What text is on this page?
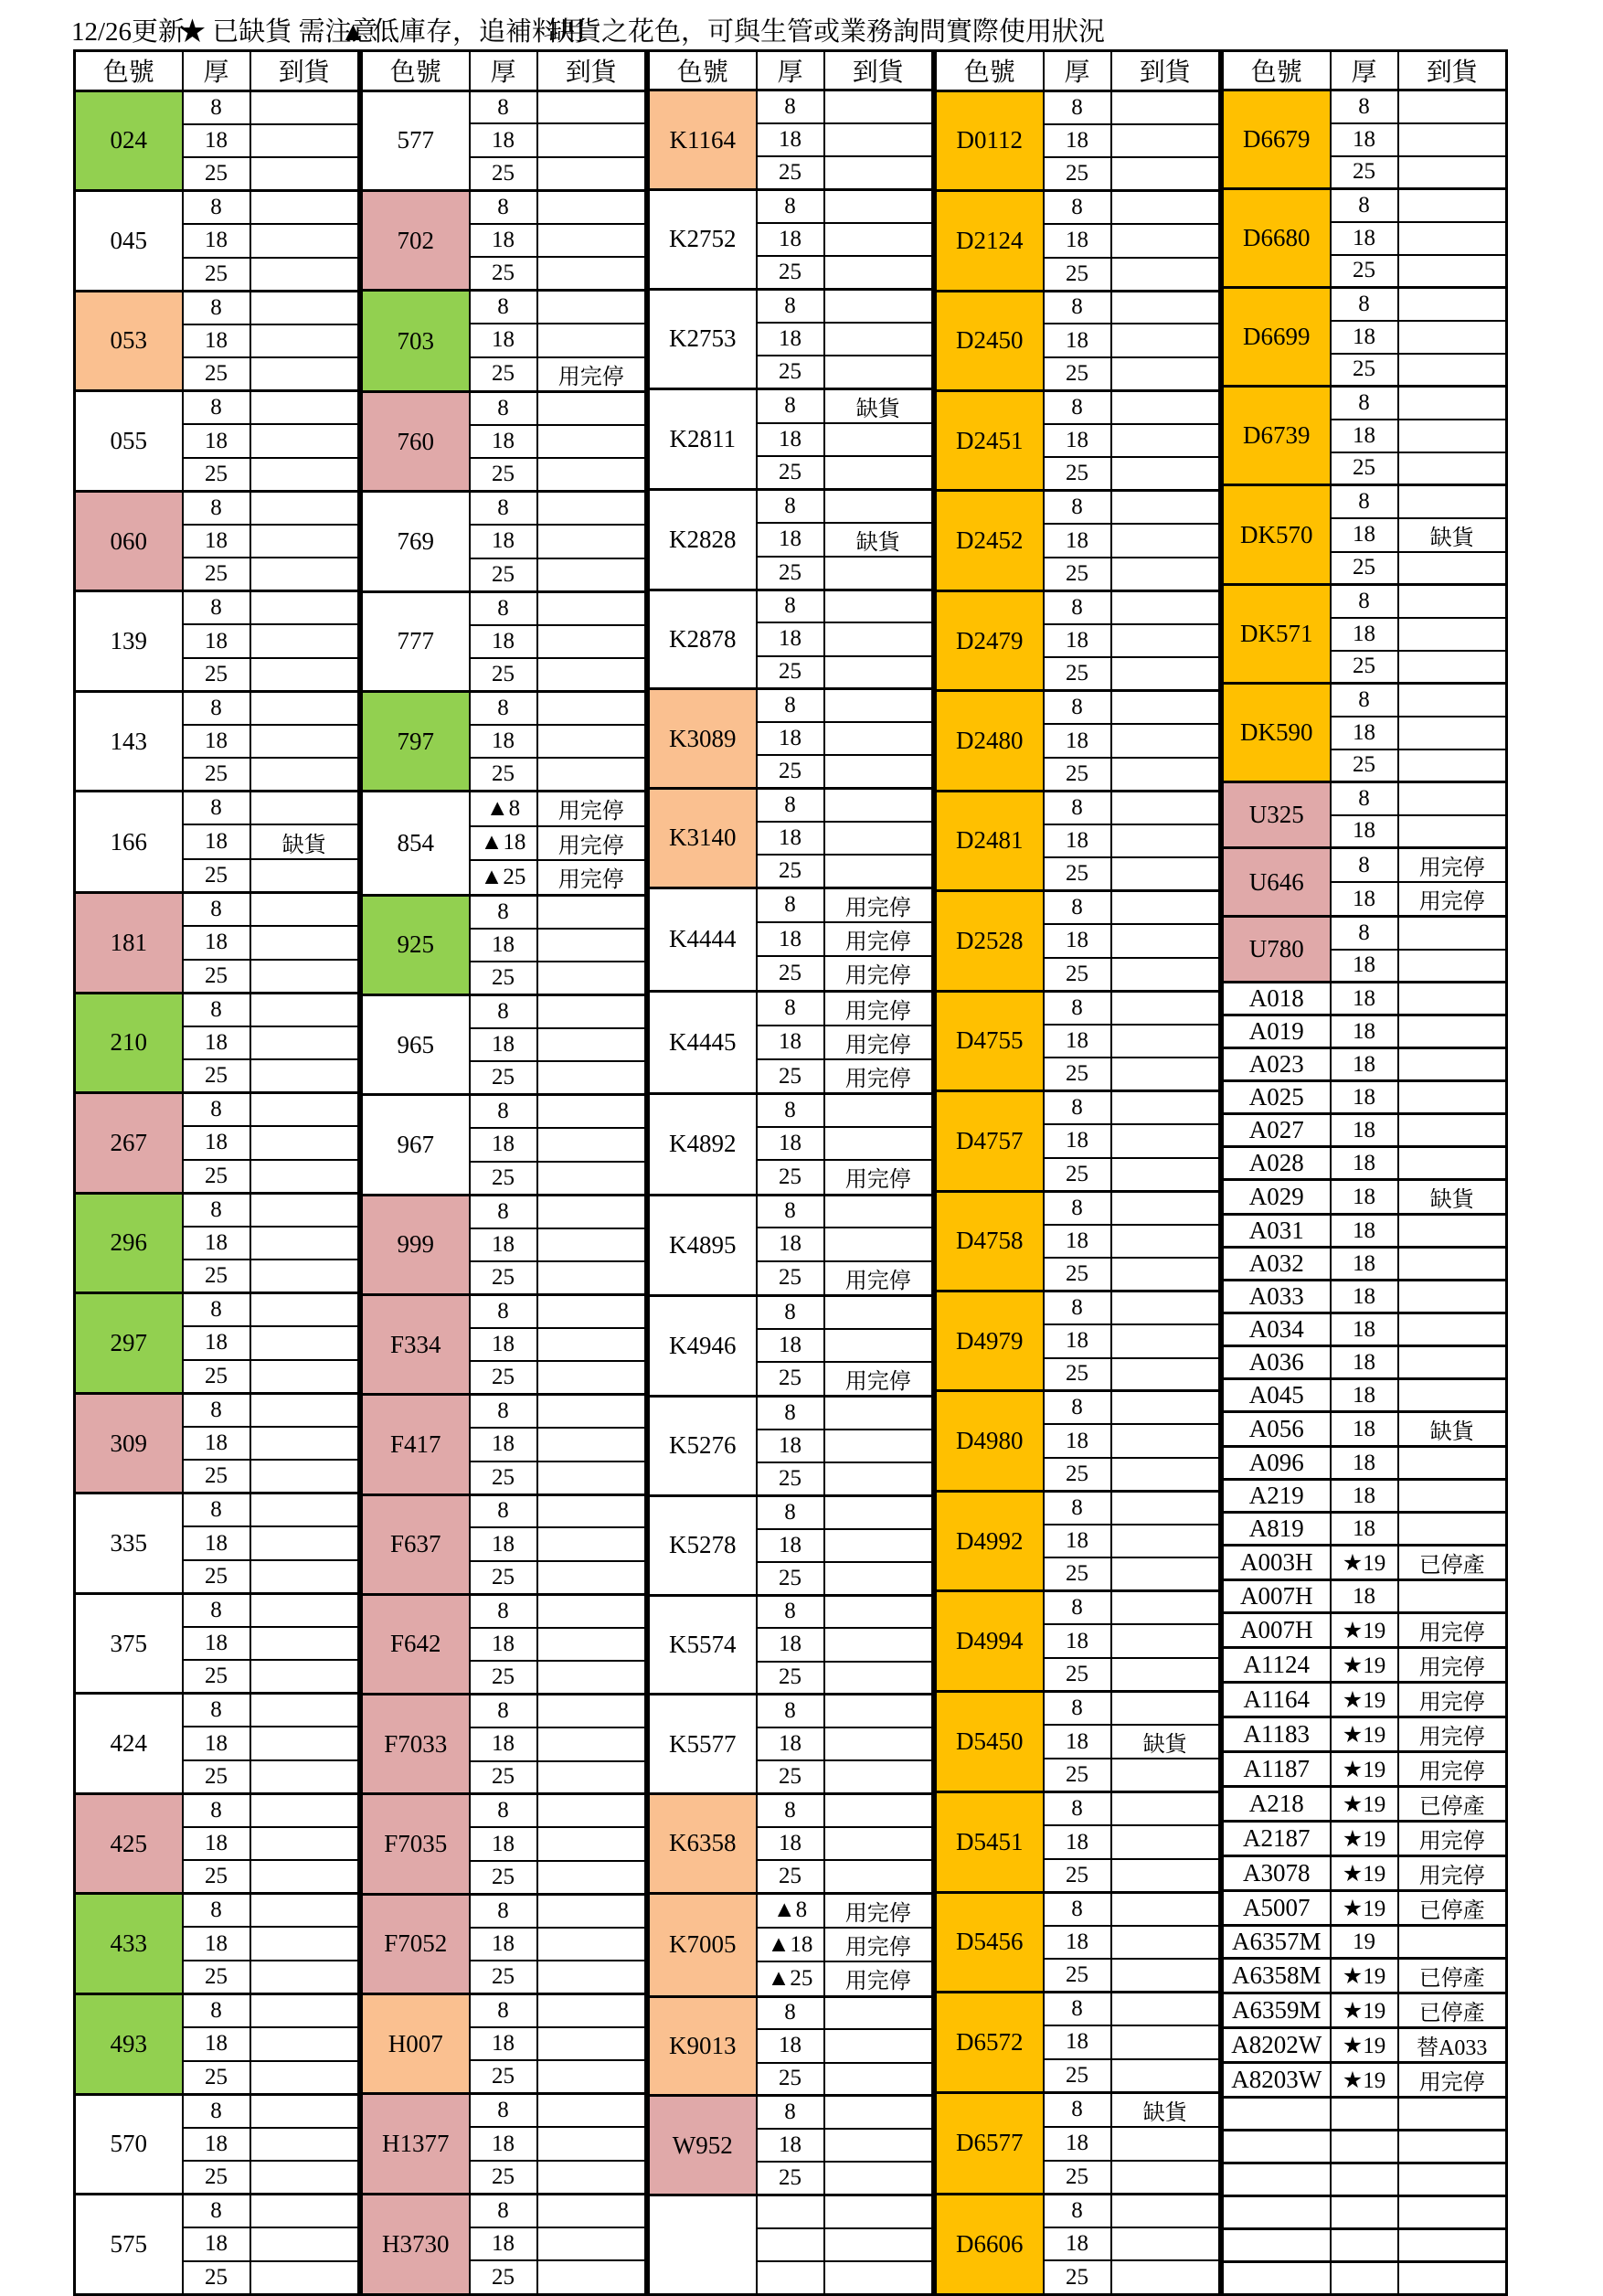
12/26更新
★ 已缺貨 需注意
▲ 低庫存，追補料用
缺貨之花色，可與生管或業務詢問實際使用狀況
色號	厚	到貨
024	8	
	18	
	25	
045	8	
	18	
	25	
053	8	
	18	
	25	
055	8	
	18	
	25	
060	8	
	18	
	25	
139	8	
	18	
	25	
143	8	
	18	
	25	
166	8	
	18	缺貨
	25	
181	8	
	18	
	25	
210	8	
	18	
	25	
267	8	
	18	
	25	
296	8	
	18	
	25	
297	8	
	18	
	25	
309	8	
	18	
	25	
335	8	
	18	
	25	
375	8	
	18	
	25	
424	8	
	18	
	25	
425	8	
	18	
	25	
433	8	
	18	
	25	
493	8	
	18	
	25	
570	8	
	18	
	25	
575	8	
	18	
	25	
色號	厚	到貨
577	8	
	18	
	25	
702	8	
	18	
	25	
703	8	
	18	
	25	用完停
760	8	
	18	
	25	
769	8	
	18	
	25	
777	8	
	18	
	25	
797	8	
	18	
	25	
854	▲8	用完停
	▲18	用完停
	▲25	用完停
925	8	
	18	
	25	
965	8	
	18	
	25	
967	8	
	18	
	25	
999	8	
	18	
	25	
F334	8	
	18	
	25	
F417	8	
	18	
	25	
F637	8	
	18	
	25	
F642	8	
	18	
	25	
F7033	8	
	18	
	25	
F7035	8	
	18	
	25	
F7052	8	
	18	
	25	
H007	8	
	18	
	25	
H1377	8	
	18	
	25	
H3730	8	
	18	
	25	
色號	厚	到貨
K1164	8	
	18	
	25	
K2752	8	
	18	
	25	
K2753	8	
	18	
	25	
K2811	8	缺貨
	18	
	25	
K2828	8	
	18	缺貨
	25	
K2878	8	
	18	
	25	
K3089	8	
	18	
	25	
K3140	8	
	18	
	25	
K4444	8	用完停
	18	用完停
	25	用完停
K4445	8	用完停
	18	用完停
	25	用完停
K4892	8	
	18	
	25	用完停
K4895	8	
	18	
	25	用完停
K4946	8	
	18	
	25	用完停
K5276	8	
	18	
	25	
K5278	8	
	18	
	25	
K5574	8	
	18	
	25	
K5577	8	
	18	
	25	
K6358	8	
	18	
	25	
K7005	▲8	用完停
	▲18	用完停
	▲25	用完停
K9013	8	
	18	
	25	
W952	8	
	18	
	25	

色號	厚	到貨
D0112	8	
	18	
	25	
D2124	8	
	18	
	25	
D2450	8	
	18	
	25	
D2451	8	
	18	
	25	
D2452	8	
	18	
	25	
D2479	8	
	18	
	25	
D2480	8	
	18	
	25	
D2481	8	
	18	
	25	
D2528	8	
	18	
	25	
D4755	8	
	18	
	25	
D4757	8	
	18	
	25	
D4758	8	
	18	
	25	
D4979	8	
	18	
	25	
D4980	8	
	18	
	25	
D4992	8	
	18	
	25	
D4994	8	
	18	
	25	
D5450	8	
	18	缺貨
	25	
D5451	8	
	18	
	25	
D5456	8	
	18	
	25	
D6572	8	
	18	
	25	
D6577	8	缺貨
	18	
	25	
D6606	8	
	18	
	25	
色號	厚	到貨
D6679	8	
	18	
	25	
D6680	8	
	18	
	25	
D6699	8	
	18	
	25	
D6739	8	
	18	
	25	
DK570	8	
	18	缺貨
	25	
DK571	8	
	18	
	25	
DK590	8	
	18	
	25	
U325	8	
	18	
U646	8	用完停
	18	用完停
U780	8	
	18	
A018	18	
A019	18	
A023	18	
A025	18	
A027	18	
A028	18	
A029	18	缺貨
A031	18	
A032	18	
A033	18	
A034	18	
A036	18	
A045	18	
A056	18	缺貨
A096	18	
A219	18	
A819	18	
A003H	★19	已停產
A007H	18	
A007H	★19	用完停
A1124	★19	用完停
A1164	★19	用完停
A1183	★19	用完停
A1187	★19	用完停
A218	★19	已停產
A2187	★19	用完停
A3078	★19	用完停
A5007	★19	已停產
A6357M	19	
A6358M	★19	已停產
A6359M	★19	已停產
A8202W	★19	替A033
A8203W	★19	用完停
